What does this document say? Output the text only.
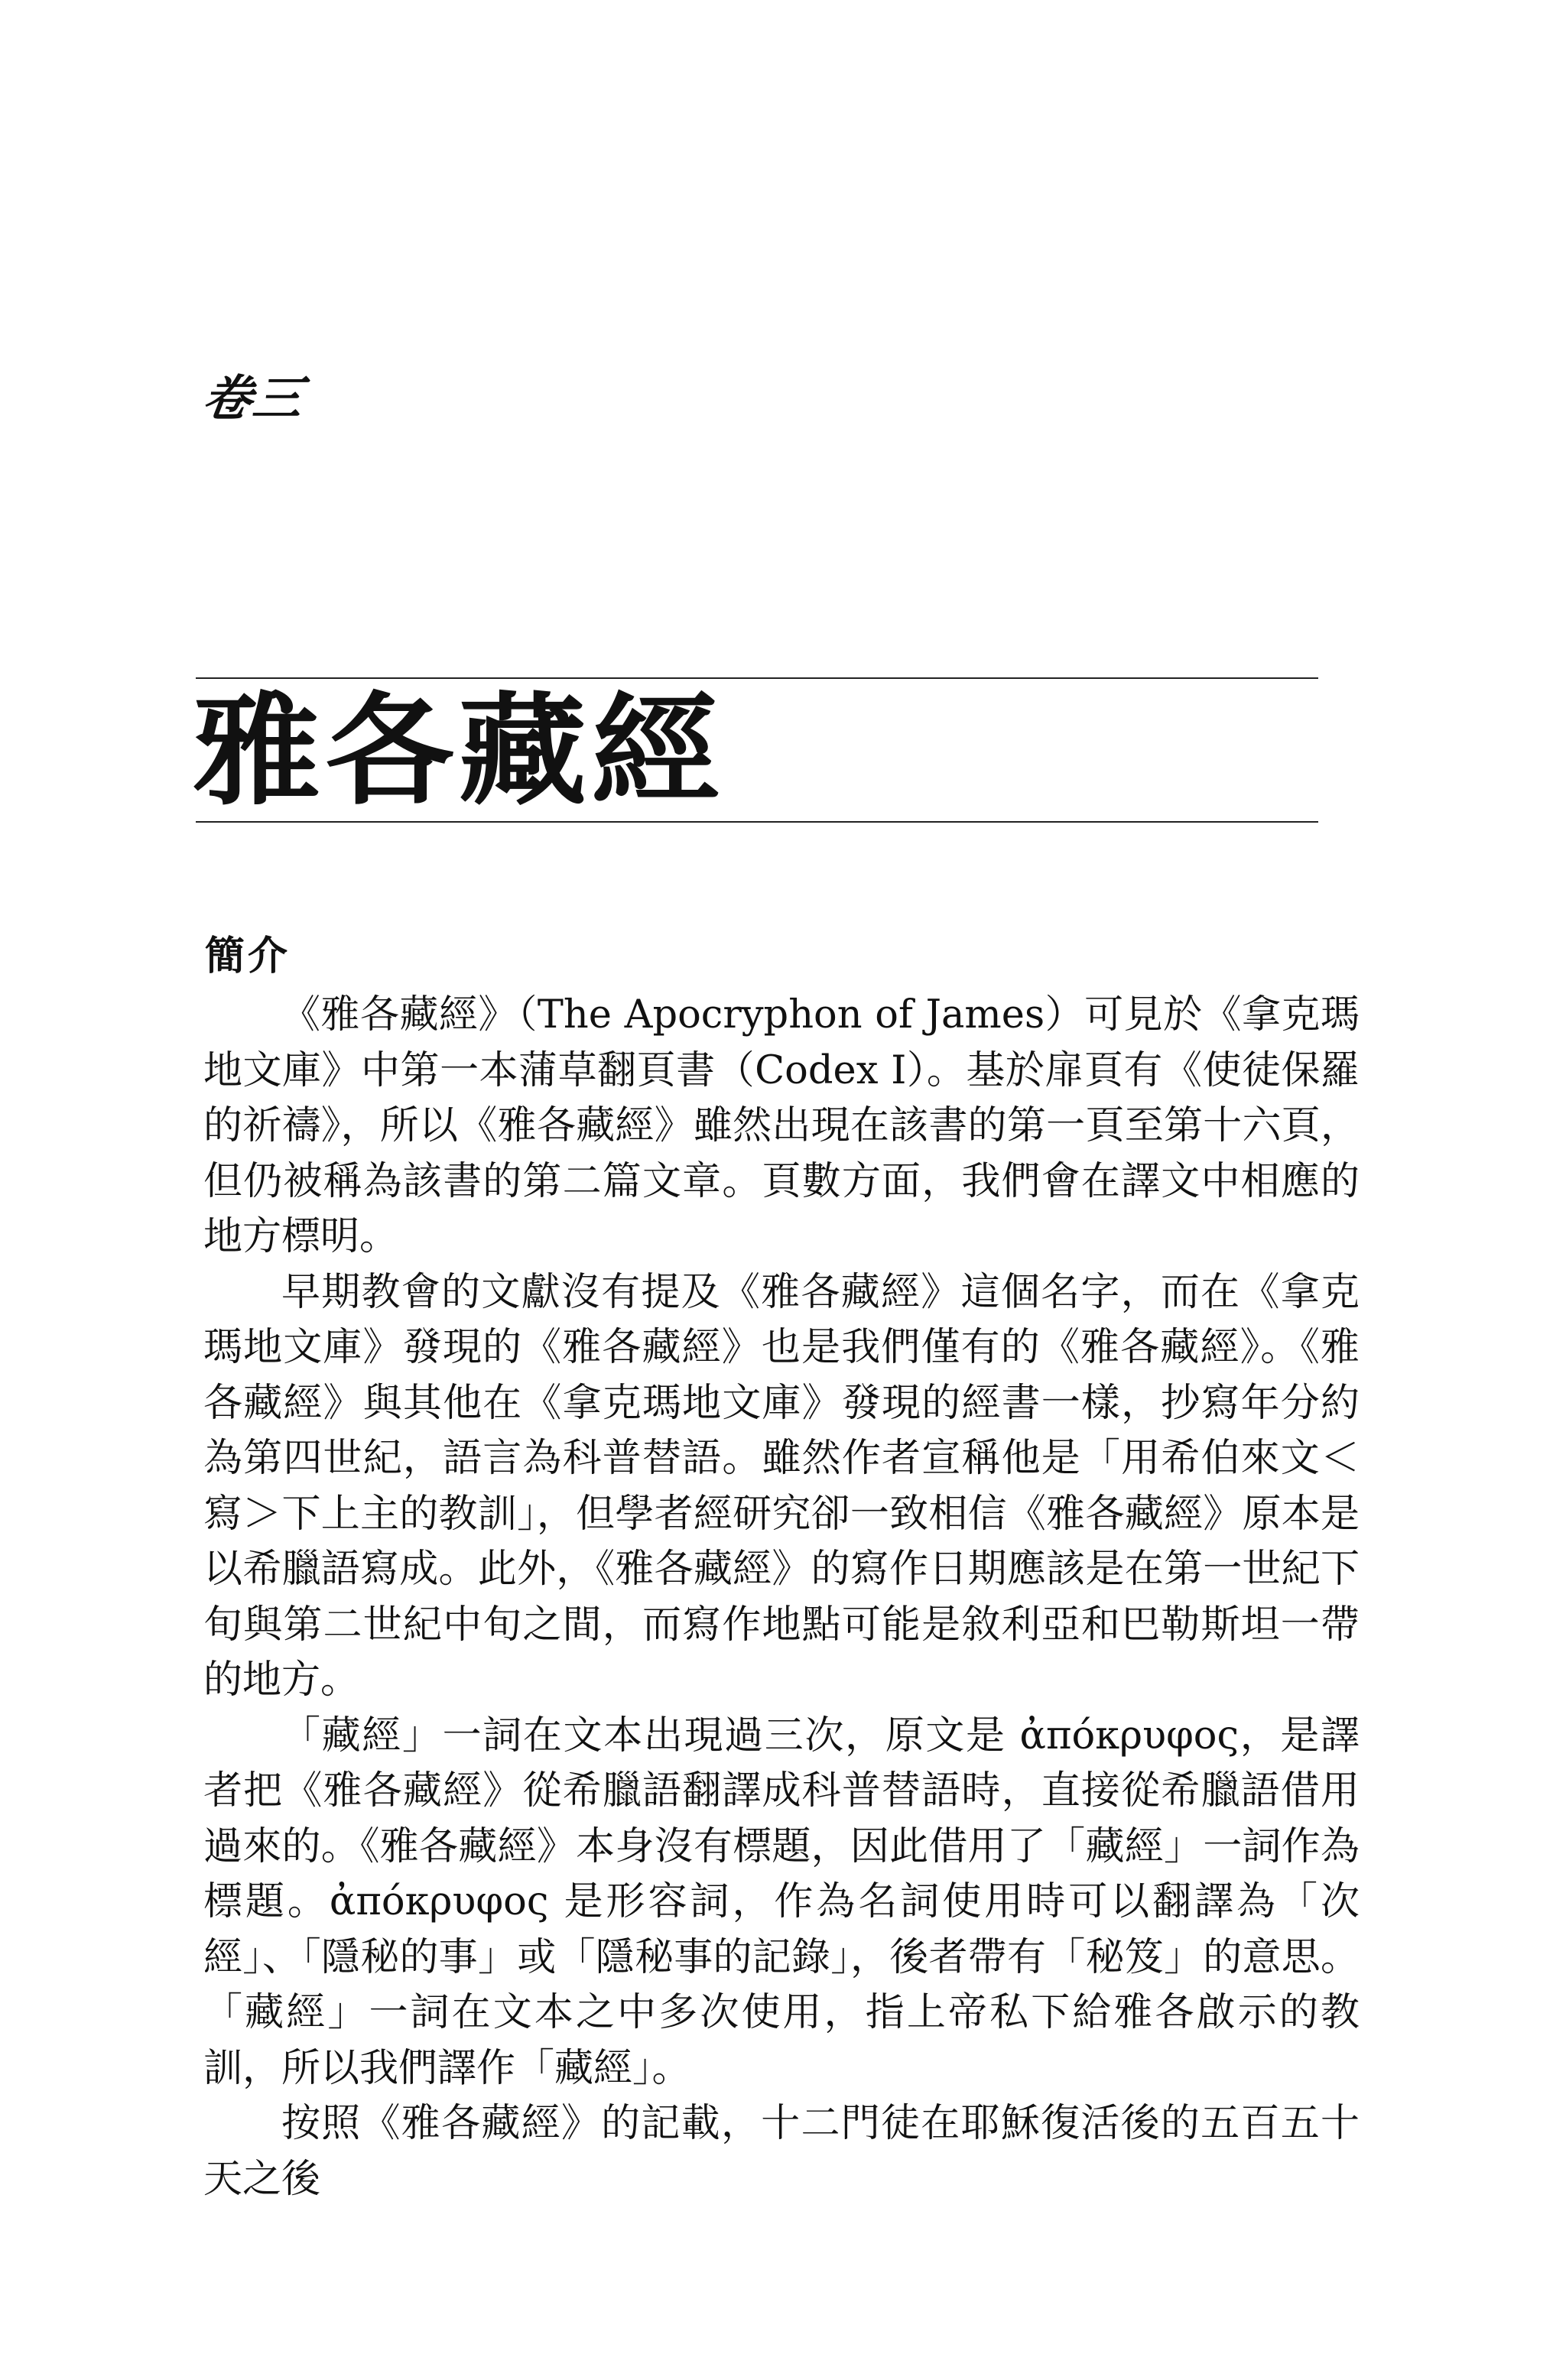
卷三
雅各藏經
簡介

《雅各藏經》（The Apocryphon of James）可見於《拿克瑪地文庫》中第一本蒲草翻頁書（Codex I）。基於扉頁有《使徒保羅的祈禱》，所以《雅各藏經》雖然出現在該書的第一頁至第十六頁，但仍被稱為該書的第二篇文章。頁數方面，我們會在譯文中相應的地方標明。

早期教會的文獻沒有提及《雅各藏經》這個名字，而在《拿克瑪地文庫》發現的《雅各藏經》也是我們僅有的《雅各藏經》。《雅各藏經》與其他在《拿克瑪地文庫》發現的經書一樣，抄寫年分約為第四世紀，語言為科普替語。雖然作者宣稱他是「用希伯來文＜寫＞下上主的教訓」，但學者經研究卻一致相信《雅各藏經》原本是以希臘語寫成。此外，《雅各藏經》的寫作日期應該是在第一世紀下旬與第二世紀中旬之間，而寫作地點可能是敘利亞和巴勒斯坦一帶的地方。

「藏經」一詞在文本出現過三次，原文是 ἀπόκρυφος，是譯者把《雅各藏經》從希臘語翻譯成科普替語時，直接從希臘語借用過來的。《雅各藏經》本身沒有標題，因此借用了「藏經」一詞作為標題。ἀπόκρυφος 是形容詞，作為名詞使用時可以翻譯為「次經」、「隱秘的事」或「隱秘事的記錄」，後者帶有「秘笈」的意思。「藏經」一詞在文本之中多次使用，指上帝私下給雅各啟示的教訓，所以我們譯作「藏經」。

按照《雅各藏經》的記載，十二門徒在耶穌復活後的五百五十天之後
